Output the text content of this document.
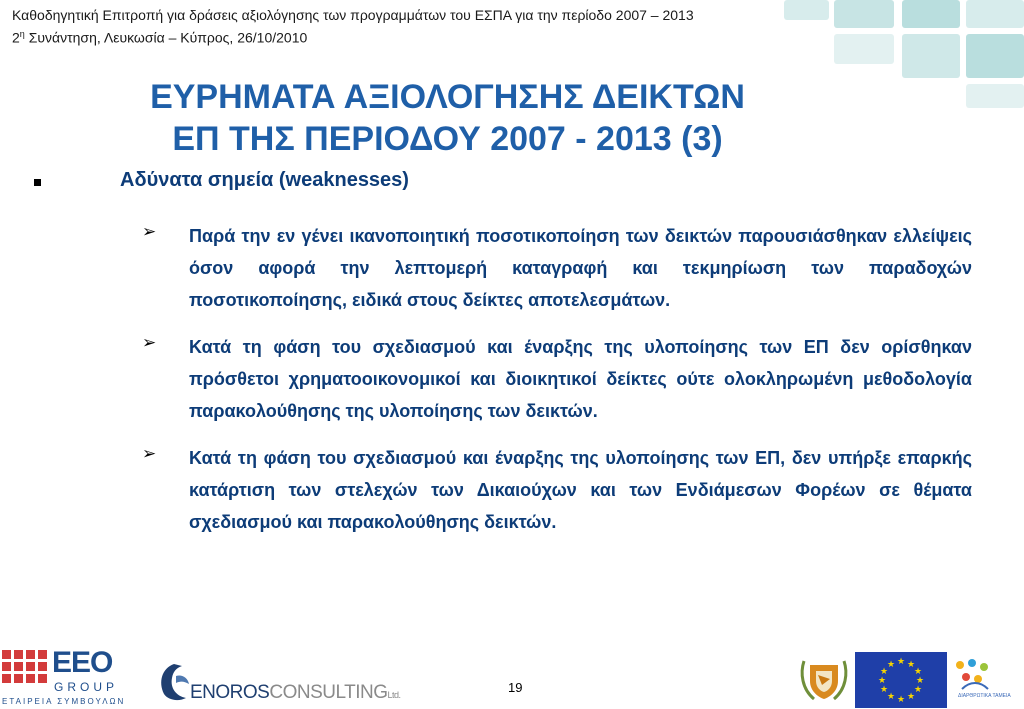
Καθοδηγητική Επιτροπή για δράσεις αξιολόγησης των προγραμμάτων του ΕΣΠΑ για την περίοδο 2007 – 2013
$2^\eta$ Συνάντηση, Λευκωσία – Κύπρος, 26/10/2010
ΕΥΡΗΜΑΤΑ ΑΞΙΟΛΟΓΗΣΗΣ ΔΕΙΚΤΩΝ
ΕΠ ΤΗΣ ΠΕΡΙΟΔΟΥ 2007 - 2013 (3)
Αδύνατα σημεία (weaknesses)
➢ Παρά την εν γένει ικανοποιητική ποσοτικοποίηση των δεικτών παρουσιάσθηκαν ελλείψεις όσον αφορά την λεπτομερή καταγραφή και τεκμηρίωση των παραδοχών ποσοτικοποίησης, ειδικά στους δείκτες αποτελεσμάτων.
➢ Κατά τη φάση του σχεδιασμού και έναρξης της υλοποίησης των ΕΠ δεν ορίσθηκαν πρόσθετοι χρηματοοικονομικοί και διοικητικοί δείκτες ούτε ολοκληρωμένη μεθοδολογία παρακολούθησης της υλοποίησης των δεικτών.
➢ Κατά τη φάση του σχεδιασμού και έναρξης της υλοποίησης των ΕΠ, δεν υπήρξε επαρκής κατάρτιση των στελεχών των Δικαιούχων και των Ενδιάμεσων Φορέων σε θέματα σχεδιασμού και παρακολούθησης δεικτών.
EEO
GROUP
ΕΤΑΙΡΕΙΑ ΣΥΜΒΟΥΛΩΝ	ENOROSCONSULTINGLtd.	19
★ ★
★
★
★
★
★
★
★
★
★
★
ΔΙΑΡΘΡΩΤΙΚΑ ΤΑΜΕΙΑ
